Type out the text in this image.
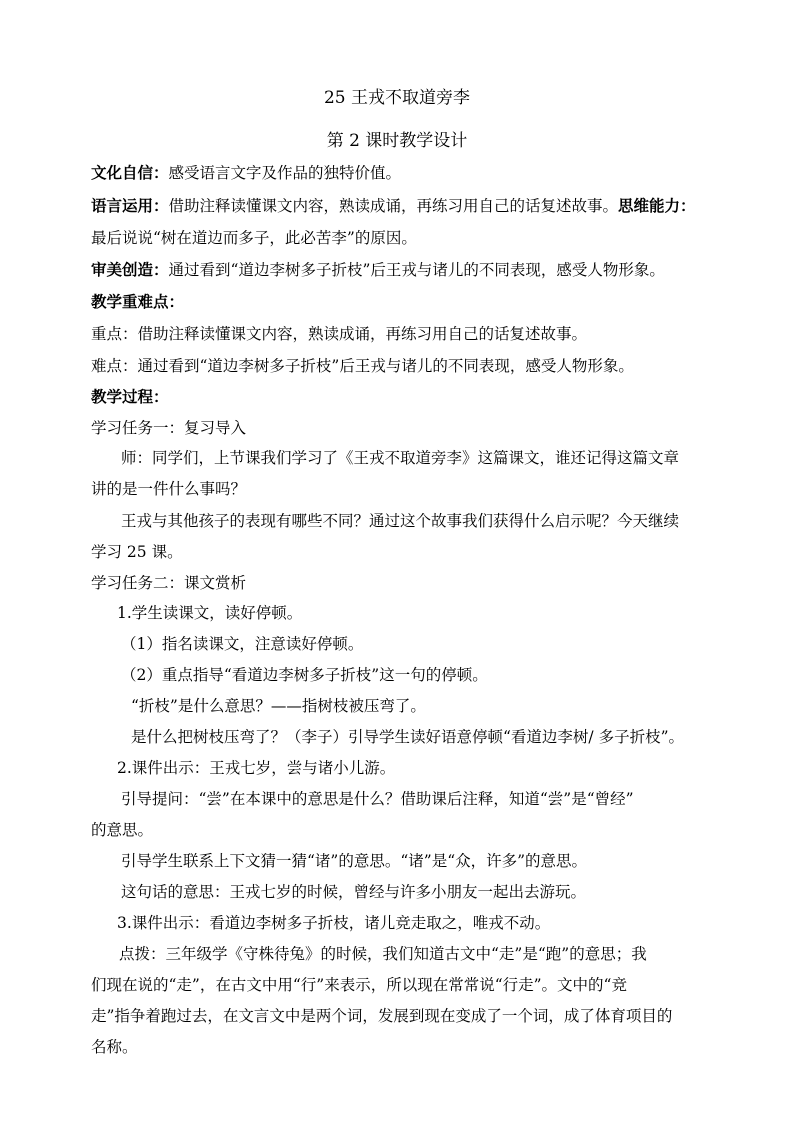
25 王戎不取道旁李
第 2 课时教学设计
文化自信：感受语言文字及作品的独特价值。
语言运用：借助注释读懂课文内容，熟读成诵，再练习用自己的话复述故事。思维能力：
最后说说“树在道边而多子，此必苦李”的原因。
审美创造：通过看到“道边李树多子折枝”后王戎与诸儿的不同表现，感受人物形象。
教学重难点：
重点：借助注释读懂课文内容，熟读成诵，再练习用自己的话复述故事。
难点：通过看到“道边李树多子折枝”后王戎与诸儿的不同表现，感受人物形象。
教学过程：
学习任务一：复习导入
师：同学们，上节课我们学习了《王戎不取道旁李》这篇课文，谁还记得这篇文章
讲的是一件什么事吗？
王戎与其他孩子的表现有哪些不同？通过这个故事我们获得什么启示呢？今天继续
学习 25 课。
学习任务二：课文赏析
1.学生读课文，读好停顿。
（1）指名读课文，注意读好停顿。
（2）重点指导“看道边李树多子折枝”这一句的停顿。
“折枝”是什么意思？——指树枝被压弯了。
是什么把树枝压弯了？（李子）引导学生读好语意停顿“看道边李树/ 多子折枝”。
2.课件出示：王戎七岁，尝与诸小儿游。
引导提问：“尝”在本课中的意思是什么？借助课后注释，知道“尝”是“曾经”
的意思。
引导学生联系上下文猜一猜“诸”的意思。“诸”是“众，许多”的意思。
这句话的意思：王戎七岁的时候，曾经与许多小朋友一起出去游玩。
3.课件出示：看道边李树多子折枝，诸儿竞走取之，唯戎不动。
点拨：三年级学《守株待兔》的时候，我们知道古文中“走”是“跑”的意思；我
们现在说的“走”，在古文中用“行”来表示，所以现在常常说“行走”。文中的“竞
走”指争着跑过去，在文言文中是两个词，发展到现在变成了一个词，成了体育项目的
名称。
